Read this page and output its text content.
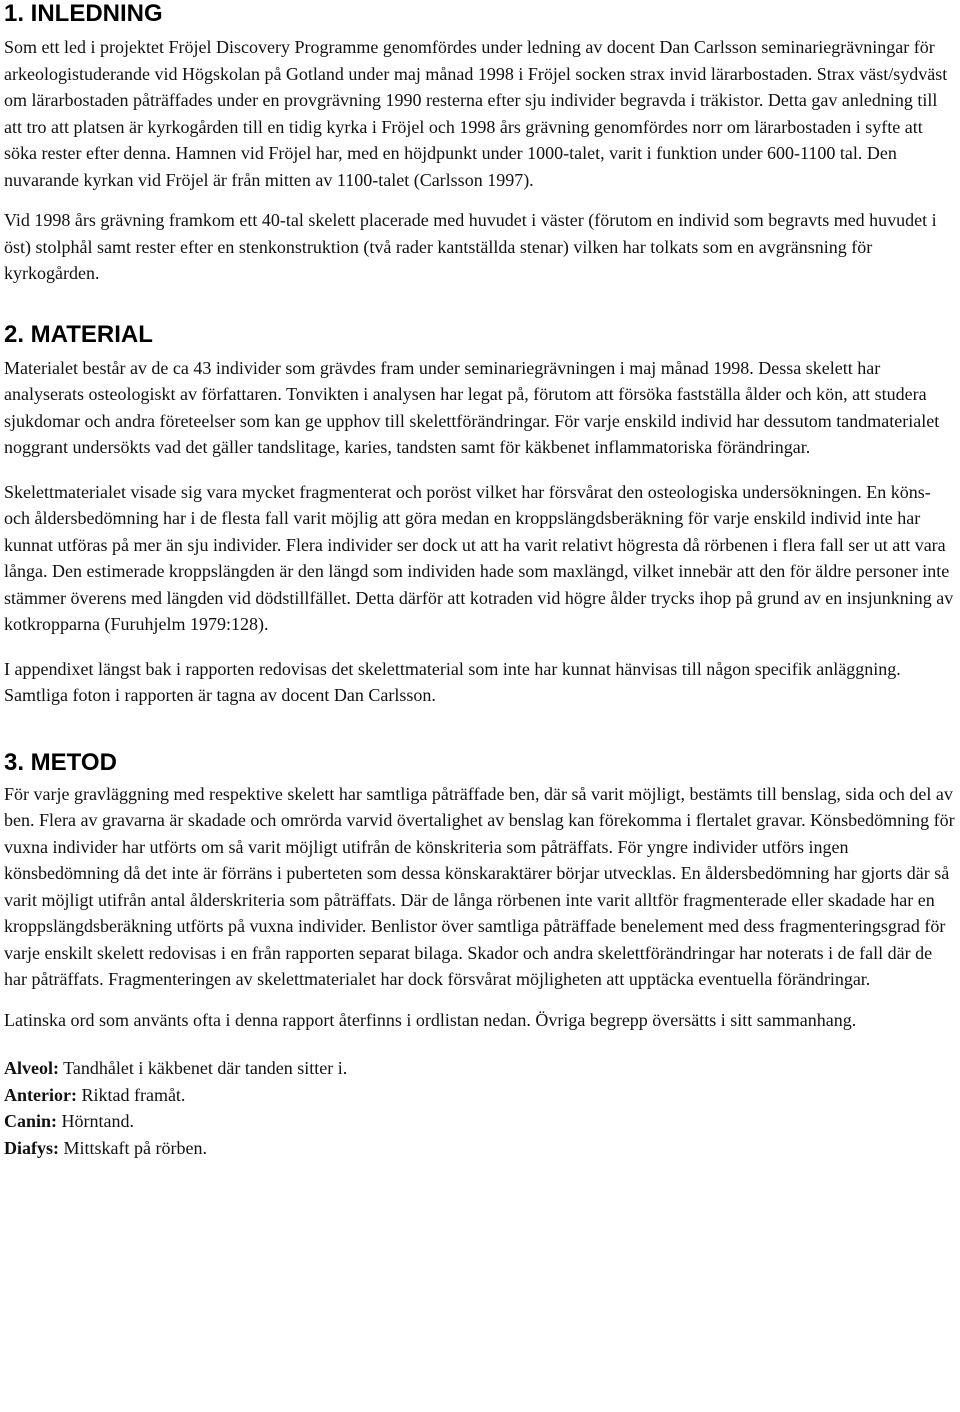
1. INLEDNING

Som ett led i projektet Fröjel Discovery Programme genomfördes under ledning av docent Dan Carlsson seminariegrävningar för arkeologistuderande vid Högskolan på Gotland under maj månad 1998 i Fröjel socken strax invid lärarbostaden. Strax väst/sydväst om lärarbostaden påträffades under en provgrävning 1990 resterna efter sju individer begravda i träkistor. Detta gav anledning till att tro att platsen är kyrkogården till en tidig kyrka i Fröjel och 1998 års grävning genomfördes norr om lärarbostaden i syfte att söka rester efter denna. Hamnen vid Fröjel har, med en höjdpunkt under 1000-talet, varit i funktion under 600-1100 tal. Den nuvarande kyrkan vid Fröjel är från mitten av 1100-talet (Carlsson 1997).

Vid 1998 års grävning framkom ett 40-tal skelett placerade med huvudet i väster (förutom en individ som begravts med huvudet i öst) stolphål samt rester efter en stenkonstruktion (två rader kantställda stenar) vilken har tolkats som en avgränsning för kyrkogården.

2. MATERIAL

Materialet består av de ca 43 individer som grävdes fram under seminariegrävningen i maj månad 1998. Dessa skelett har analyserats osteologiskt av författaren. Tonvikten i analysen har legat på, förutom att försöka fastställa ålder och kön, att studera sjukdomar och andra företeelser som kan ge upphov till skelettförändringar. För varje enskild individ har dessutom tandmaterialet noggrant undersökts vad det gäller tandslitage, karies, tandsten samt för käkbenet inflammatoriska förändringar.

Skelettmaterialet visade sig vara mycket fragmenterat och poröst vilket har försvårat den osteologiska undersökningen. En köns- och åldersbedömning har i de flesta fall varit möjlig att göra medan en kroppslängdsberäkning för varje enskild individ inte har kunnat utföras på mer än sju individer. Flera individer ser dock ut att ha varit relativt högresta då rörbenen i flera fall ser ut att vara långa. Den estimerade kroppslängden är den längd som individen hade som maxlängd, vilket innebär att den för äldre personer inte stämmer överens med längden vid dödstillfället. Detta därför att kotraden vid högre ålder trycks ihop på grund av en insjunkning av kotkropparna (Furuhjelm 1979:128).

I appendixet längst bak i rapporten redovisas det skelettmaterial som inte har kunnat hänvisas till någon specifik anläggning. Samtliga foton i rapporten är tagna av docent Dan Carlsson.

3. METOD

För varje gravläggning med respektive skelett har samtliga påträffade ben, där så varit möjligt, bestämts till benslag, sida och del av ben. Flera av gravarna är skadade och omrörda varvid övertalighet av benslag kan förekomma i flertalet gravar. Könsbedömning för vuxna individer har utförts om så varit möjligt utifrån de könskriteria som påträffats. För yngre individer utförs ingen könsbedömning då det inte är förräns i puberteten som dessa könskaraktärer börjar utvecklas. En åldersbedömning har gjorts där så varit möjligt utifrån antal ålderskriteria som påträffats. Där de långa rörbenen inte varit alltför fragmenterade eller skadade har en kroppslängdsberäkning utförts på vuxna individer. Benlistor över samtliga påträffade benelement med dess fragmenteringsgrad för varje enskilt skelett redovisas i en från rapporten separat bilaga. Skador och andra skelettförändringar har noterats i de fall där de har påträffats. Fragmenteringen av skelettmaterialet har dock försvårat möjligheten att upptäcka eventuella förändringar.

Latinska ord som använts ofta i denna rapport återfinns i ordlistan nedan. Övriga begrepp översätts i sitt sammanhang.

Alveol: Tandhålet i käkbenet där tanden sitter i.
Anterior: Riktad framåt.
Canin: Hörntand.
Diafys: Mittskaft på rörben.
